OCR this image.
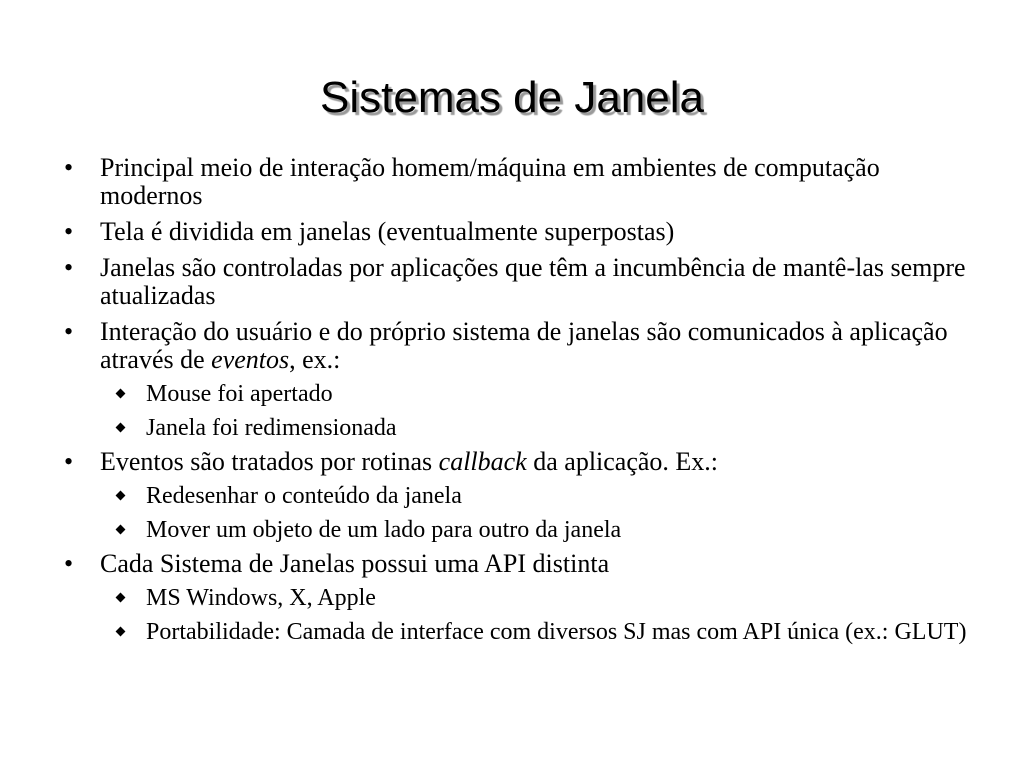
Sistemas de Janela
• Principal meio de interação homem/máquina em ambientes de computação modernos
• Tela é dividida em janelas (eventualmente superpostas)
• Janelas são controladas por aplicações que têm a incumbência de mantê-las sempre atualizadas
• Interação do usuário e do próprio sistema de janelas são comunicados à aplicação através de eventos, ex.:
Mouse foi apertado
Janela foi redimensionada
• Eventos são tratados por rotinas callback da aplicação. Ex.:
Redesenhar o conteúdo da janela
Mover um objeto de um lado para outro da janela
• Cada Sistema de Janelas possui uma API distinta
MS Windows, X, Apple
Portabilidade: Camada de interface com diversos SJ mas com API única (ex.: GLUT)
